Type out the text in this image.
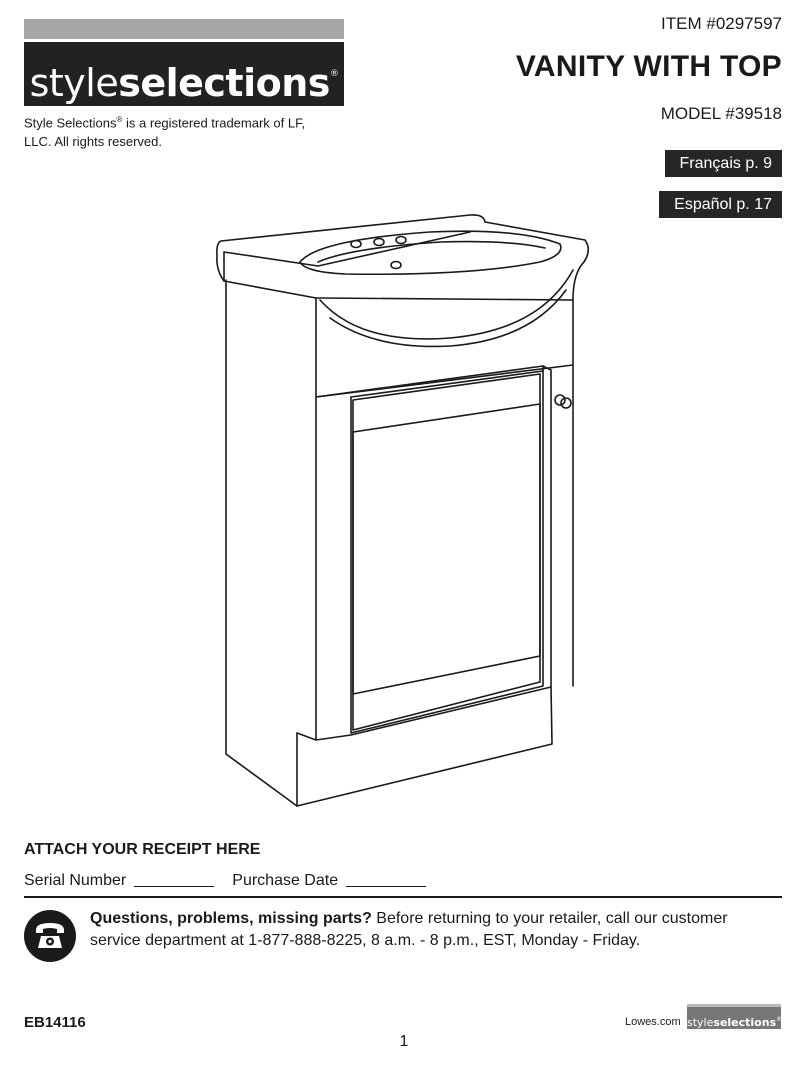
styleselections®
Style Selections® is a registered trademark of LF, LLC. All rights reserved.
ITEM #0297597
VANITY WITH TOP
MODEL #39518
Français p. 9
Español p. 17
ATTACH YOUR RECEIPT HERE
Serial Number	Purchase Date
Questions, problems, missing parts? Before returning to your retailer, call our customer service department at 1-877-888-8225, 8 a.m. - 8 p.m., EST, Monday - Friday.
EB14116
1
Lowes.com styleselections®
